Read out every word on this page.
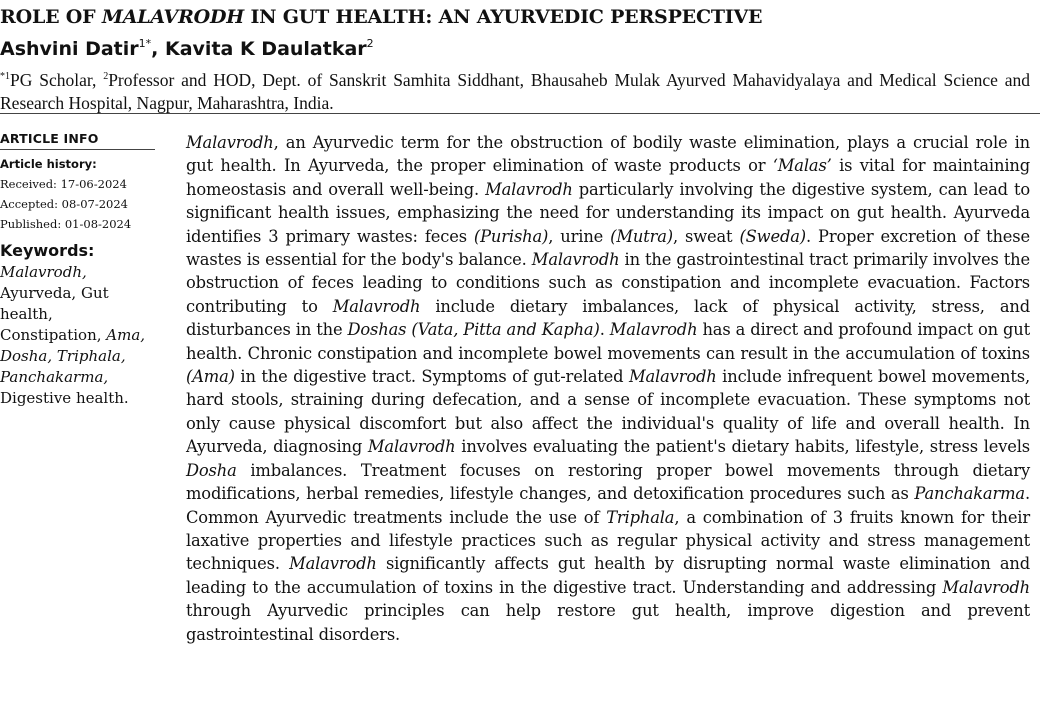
ROLE OF MALAVRODH IN GUT HEALTH: AN AYURVEDIC PERSPECTIVE
Ashvini Datir$^{1*}$, Kavita K Daulatkar$^2$

$^{*1}$PG Scholar, $^2$Professor and HOD, Dept. of Sanskrit Samhita Siddhant, Bhausaheb Mulak Ayurved Mahavidyalaya and Medical Science and Research Hospital, Nagpur, Maharashtra, India.

ARTICLE INFO
Article history:
Received: 17-06-2024
Accepted: 08-07-2024
Published: 01-08-2024
Keywords:
Malavrodh,
Ayurveda, Gut health,
Constipation, Ama, Dosha, Triphala, Panchakarma,
Digestive health.

Malavrodh, an Ayurvedic term for the obstruction of bodily waste elimination, plays a crucial role in gut health. In Ayurveda, the proper elimination of waste products or ‘Malas’ is vital for maintaining homeostasis and overall well-being. Malavrodh particularly involving the digestive system, can lead to significant health issues, emphasizing the need for understanding its impact on gut health. Ayurveda identifies 3 primary wastes: feces (Purisha), urine (Mutra), sweat (Sweda). Proper excretion of these wastes is essential for the body's balance. Malavrodh in the gastrointestinal tract primarily involves the obstruction of feces leading to conditions such as constipation and incomplete evacuation. Factors contributing to Malavrodh include dietary imbalances, lack of physical activity, stress, and disturbances in the Doshas (Vata, Pitta and Kapha). Malavrodh has a direct and profound impact on gut health. Chronic constipation and incomplete bowel movements can result in the accumulation of toxins (Ama) in the digestive tract. Symptoms of gut-related Malavrodh include infrequent bowel movements, hard stools, straining during defecation, and a sense of incomplete evacuation. These symptoms not only cause physical discomfort but also affect the individual's quality of life and overall health. In Ayurveda, diagnosing Malavrodh involves evaluating the patient's dietary habits, lifestyle, stress levels Dosha imbalances. Treatment focuses on restoring proper bowel movements through dietary modifications, herbal remedies, lifestyle changes, and detoxification procedures such as Panchakarma. Common Ayurvedic treatments include the use of Triphala, a combination of 3 fruits known for their laxative properties and lifestyle practices such as regular physical activity and stress management techniques. Malavrodh significantly affects gut health by disrupting normal waste elimination and leading to the accumulation of toxins in the digestive tract. Understanding and addressing Malavrodh through Ayurvedic principles can help restore gut health, improve digestion and prevent gastrointestinal disorders.
